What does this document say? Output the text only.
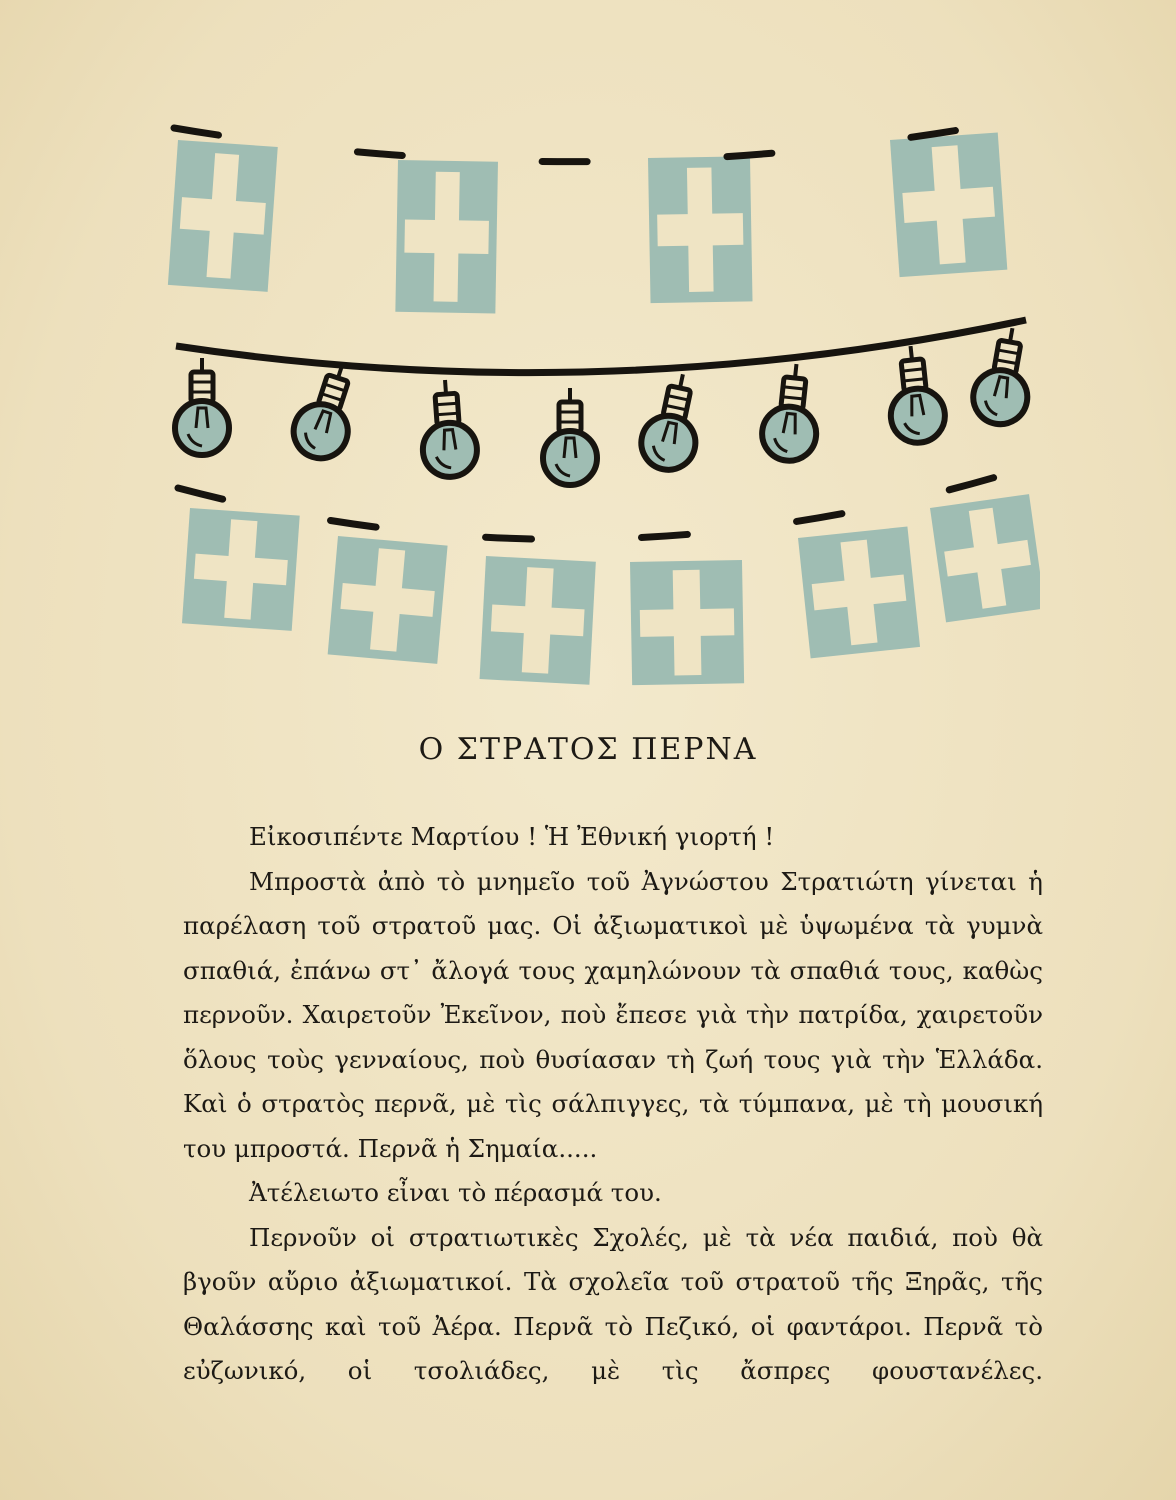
Ο ΣΤΡΑΤΟΣ ΠΕΡΝΑ

Εἰκοσιπέντε Μαρτίου ! Ἡ Ἐθνική γιορτή !

Μπροστὰ ἀπὸ τὸ μνημεῖο τοῦ Ἀγνώστου Στρατιώτη γίνεται ἡ παρέλαση τοῦ στρατοῦ μας. Οἱ ἀξιωματικοὶ μὲ ὑψωμένα τὰ γυμνὰ σπαθιά, ἐπάνω στ᾽ ἄλογά τους χαμηλώνουν τὰ σπαθιά τους, καθὼς περνοῦν. Χαιρετοῦν Ἐκεῖνον, ποὺ ἔπεσε γιὰ τὴν πατρίδα, χαιρετοῦν ὅλους τοὺς γενναίους, ποὺ θυσίασαν τὴ ζωή τους γιὰ τὴν Ἑλλάδα. Καὶ ὁ στρατὸς περνᾶ, μὲ τὶς σάλπιγγες, τὰ τύμπανα, μὲ τὴ μουσική του μπροστά. Περνᾶ ἡ Σημαία.....

Ἀτέλειωτο εἶναι τὸ πέρασμά του.

Περνοῦν οἱ στρατιωτικὲς Σχολές, μὲ τὰ νέα παιδιά, ποὺ θὰ βγοῦν αὔριο ἀξιωματικοί. Τὰ σχολεῖα τοῦ στρατοῦ τῆς Ξηρᾶς, τῆς Θαλάσσης καὶ τοῦ Ἀέρα. Περνᾶ τὸ Πεζικό, οἱ φαντάροι. Περνᾶ τὸ εὐζωνικό, οἱ τσολιάδες, μὲ τὶς ἄσπρες φουστανέλες.
